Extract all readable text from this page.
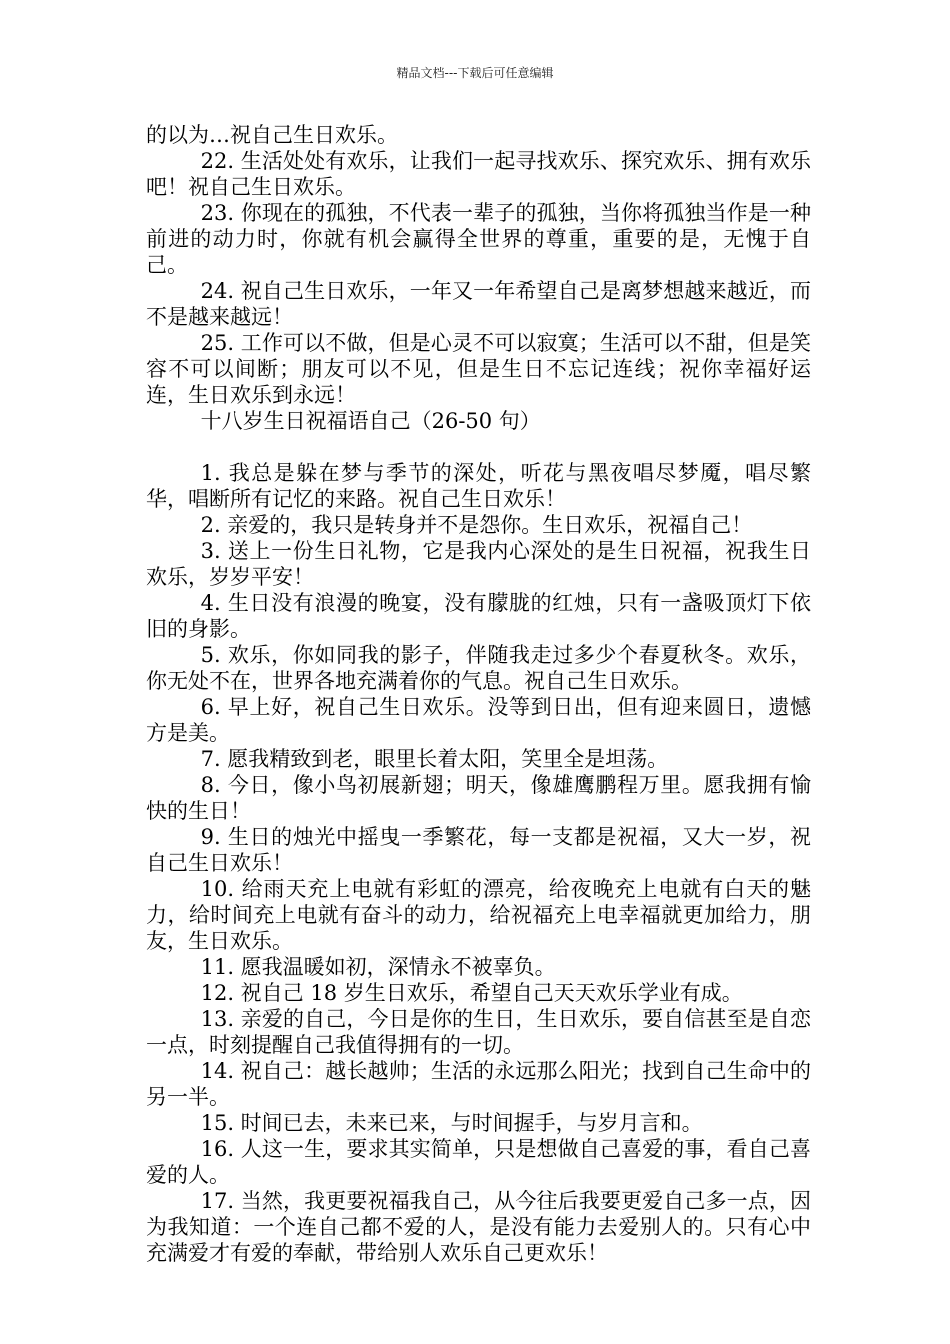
精品文档---下载后可任意编辑

的以为…祝自己生日欢乐。

22. 生活处处有欢乐，让我们一起寻找欢乐、探究欢乐、拥有欢乐吧！祝自己生日欢乐。

23. 你现在的孤独，不代表一辈子的孤独，当你将孤独当作是一种前进的动力时，你就有机会赢得全世界的尊重，重要的是，无愧于自己。

24. 祝自己生日欢乐，一年又一年希望自己是离梦想越来越近，而不是越来越远！

25. 工作可以不做，但是心灵不可以寂寞；生活可以不甜，但是笑容不可以间断；朋友可以不见，但是生日不忘记连线；祝你幸福好运连，生日欢乐到永远！

十八岁生日祝福语自己（26-50 句）

1. 我总是躲在梦与季节的深处，听花与黑夜唱尽梦魇，唱尽繁华，唱断所有记忆的来路。祝自己生日欢乐！

2. 亲爱的，我只是转身并不是怨你。生日欢乐，祝福自己！

3. 送上一份生日礼物，它是我内心深处的是生日祝福，祝我生日欢乐，岁岁平安！

4. 生日没有浪漫的晚宴，没有朦胧的红烛，只有一盏吸顶灯下依旧的身影。

5. 欢乐，你如同我的影子，伴随我走过多少个春夏秋冬。欢乐，你无处不在，世界各地充满着你的气息。祝自己生日欢乐。

6. 早上好，祝自己生日欢乐。没等到日出，但有迎来圆日，遗憾方是美。

7. 愿我精致到老，眼里长着太阳，笑里全是坦荡。

8. 今日，像小鸟初展新翅；明天，像雄鹰鹏程万里。愿我拥有愉快的生日！

9. 生日的烛光中摇曳一季繁花，每一支都是祝福，又大一岁，祝自己生日欢乐！

10. 给雨天充上电就有彩虹的漂亮，给夜晚充上电就有白天的魅力，给时间充上电就有奋斗的动力，给祝福充上电幸福就更加给力，朋友，生日欢乐。

11. 愿我温暖如初，深情永不被辜负。

12. 祝自己 18 岁生日欢乐，希望自己天天欢乐学业有成。

13. 亲爱的自己，今日是你的生日，生日欢乐，要自信甚至是自恋一点，时刻提醒自己我值得拥有的一切。

14. 祝自己：越长越帅；生活的永远那么阳光；找到自己生命中的另一半。

15. 时间已去，未来已来，与时间握手，与岁月言和。

16. 人这一生，要求其实简单，只是想做自己喜爱的事，看自己喜爱的人。

17. 当然，我更要祝福我自己，从今往后我要更爱自己多一点，因为我知道：一个连自己都不爱的人，是没有能力去爱别人的。只有心中充满爱才有爱的奉献，带给别人欢乐自己更欢乐！
